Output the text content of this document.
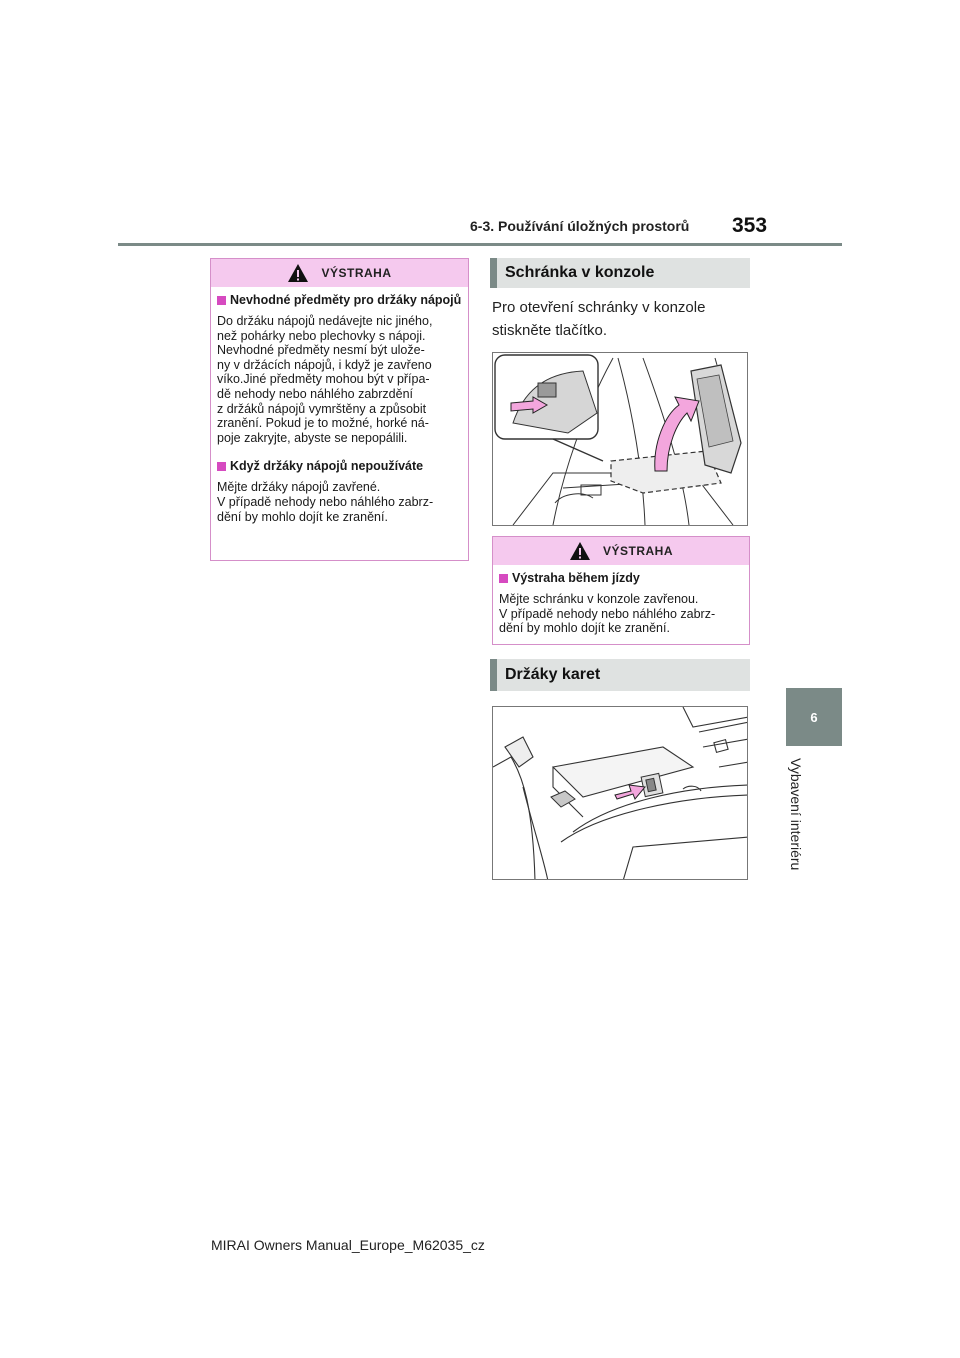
6-3. Používání úložných prostorů 353
6
Vybavení interiéru
VÝSTRAHA
Nevhodné předměty pro držáky nápojů
Do držáku nápojů nedávejte nic jiného,
než pohárky nebo plechovky s nápoji.
Nevhodné předměty nesmí být ulože-
ny v držácích nápojů, i když je zavřeno
víko.Jiné předměty mohou být v přípa-
dě nehody nebo náhlého zabrzdění
z držáků nápojů vymrštěny a způsobit
zranění. Pokud je to možné, horké ná-
poje zakryjte, abyste se nepopálili.
Když držáky nápojů nepoužíváte
Mějte držáky nápojů zavřené.
V případě nehody nebo náhlého zabrz-
dění by mohlo dojít ke zranění.
Schránka v konzole
Pro otevření schránky v konzole
stiskněte tlačítko.
VÝSTRAHA
Výstraha během jízdy
Mějte schránku v konzole zavřenou.
V případě nehody nebo náhlého zabrz-
dění by mohlo dojít ke zranění.
Držáky karet
MIRAI Owners Manual_Europe_M62035_cz
